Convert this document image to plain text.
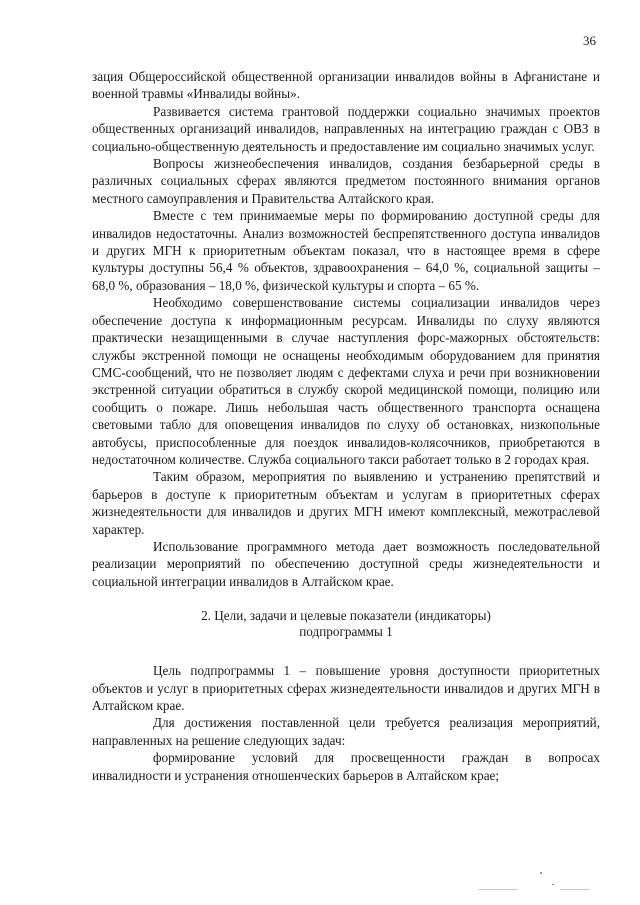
36

зация Общероссийской общественной организации инвалидов войны в Афганистане и военной травмы «Инвалиды войны».

Развивается система грантовой поддержки социально значимых проектов общественных организаций инвалидов, направленных на интеграцию граждан с ОВЗ в социально-общественную деятельность и предоставление им социально значимых услуг.

Вопросы жизнеобеспечения инвалидов, создания безбарьерной среды в различных социальных сферах являются предметом постоянного внимания органов местного самоуправления и Правительства Алтайского края.

Вместе с тем принимаемые меры по формированию доступной среды для инвалидов недостаточны. Анализ возможностей беспрепятственного доступа инвалидов и других МГН к приоритетным объектам показал, что в настоящее время в сфере культуры доступны 56,4 % объектов, здравоохранения – 64,0 %, социальной защиты – 68,0 %, образования – 18,0 %, физической культуры и спорта – 65 %.

Необходимо совершенствование системы социализации инвалидов через обеспечение доступа к информационным ресурсам. Инвалиды по слуху являются практически незащищенными в случае наступления форс-мажорных обстоятельств: службы экстренной помощи не оснащены необходимым оборудованием для принятия СМС-сообщений, что не позволяет людям с дефектами слуха и речи при возникновении экстренной ситуации обратиться в службу скорой медицинской помощи, полицию или сообщить о пожаре. Лишь небольшая часть общественного транспорта оснащена световыми табло для оповещения инвалидов по слуху об остановках, низкопольные автобусы, приспособленные для поездок инвалидов-колясочников, приобретаются в недостаточном количестве. Служба социального такси работает только в 2 городах края.

Таким образом, мероприятия по выявлению и устранению препятствий и барьеров в доступе к приоритетным объектам и услугам в приоритетных сферах жизнедеятельности для инвалидов и других МГН имеют комплексный, межотраслевой характер.

Использование программного метода дает возможность последовательной реализации мероприятий по обеспечению доступной среды жизнедеятельности и социальной интеграции инвалидов в Алтайском крае.

2. Цели, задачи и целевые показатели (индикаторы)
подпрограммы 1

Цель подпрограммы 1 – повышение уровня доступности приоритетных объектов и услуг в приоритетных сферах жизнедеятельности инвалидов и других МГН в Алтайском крае.

Для достижения поставленной цели требуется реализация мероприятий, направленных на решение следующих задач:

формирование условий для просвещенности граждан в вопросах инвалидности и устранения отношенческих барьеров в Алтайском крае;
